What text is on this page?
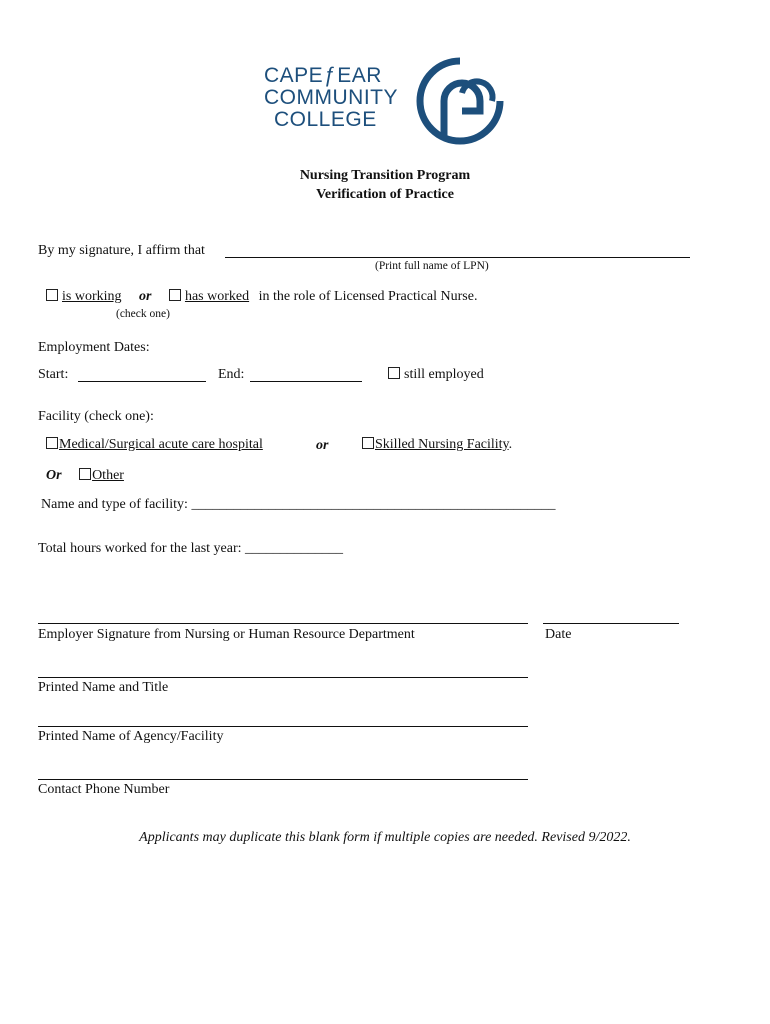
CAPEƒEAR
COMMUNITY
COLLEGE
Nursing Transition Program
Verification of Practice
By my signature, I affirm that
(Print full name of LPN)
is working or has worked in the role of Licensed Practical Nurse.
(check one)
Employment Dates:
Start:	End:	still employed
Facility (check one):
Medical/Surgical acute care hospital	or	Skilled Nursing Facility.
Or Other
Name and type of facility: ____________________________________________________
Total hours worked for the last year: ______________
Employer Signature from Nursing or Human Resource Department	Date
Printed Name and Title
Printed Name of Agency/Facility
Contact Phone Number
Applicants may duplicate this blank form if multiple copies are needed. Revised 9/2022.
